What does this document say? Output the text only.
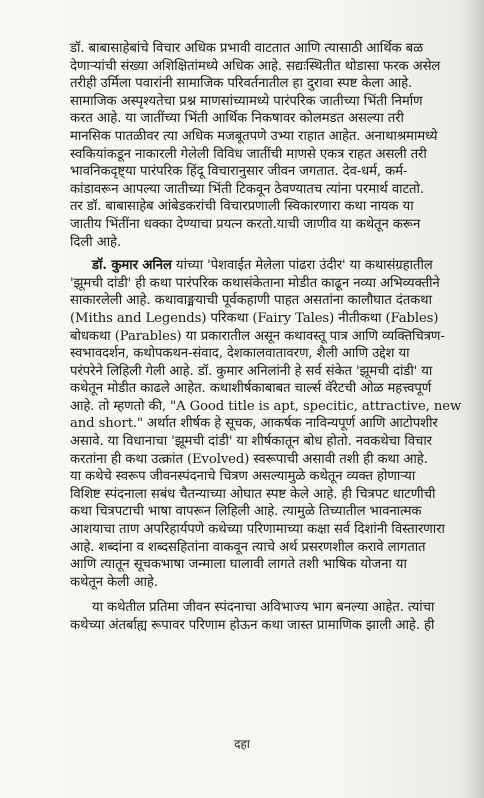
डॉ. बाबासाहेबांचे विचार अधिक प्रभावी वाटतात आणि त्यासाठी आर्थिक बळ
देणाऱ्यांची संख्या अशिक्षितांमध्ये अधिक आहे. सद्यःस्थितीत थोडासा फरक असेल
तरीही उर्मिला पवारांनी सामाजिक परिवर्तनातील हा दुरावा स्पष्ट केला आहे.
सामाजिक अस्पृश्यतेचा प्रश्न माणसांच्यामध्ये पारंपरिक जातीच्या भिंती निर्माण
करत आहे. या जातींच्या भिंती आर्थिक निकषावर कोलमडत असल्या तरी
मानसिक पातळीवर त्या अधिक मजबूतपणे उभ्या राहात आहेत. अनाथाश्रमामध्ये
स्वकियांकडून नाकारली गेलेली विविध जातींची माणसे एकत्र राहत असली तरी
भावनिकदृष्ट्या पारंपरिक हिंदू विचारानुसार जीवन जगतात. देव-धर्म, कर्म-
कांडावरून आपल्या जातीच्या भिंती टिकवून ठेवण्यातच त्यांना परमार्थ वाटतो.
तर डॉ. बाबासाहेब आंबेडकरांची विचारप्रणाली स्विकारणारा कथा नायक या
जातीय भिंतींना धक्का देण्याचा प्रयत्न करतो.याची जाणीव या कथेतून करून
दिली आहे.
डॉ. कुमार अनिल यांच्या 'पेशवाईत मेलेला पांढरा उंदीर' या कथासंग्रहातील
'झूमची दांडी' ही कथा पारंपरिक कथासंकेताना मोडीत काढून नव्या अभिव्यक्तीने
साकारलेली आहे. कथावाङ्मयाची पूर्वकहाणी पाहत असतांना कालौघात दंतकथा
(Miths and Legends) परिकथा (Fairy Tales) नीतीकथा (Fables)
बोधकथा (Parables) या प्रकारातील असून कथावस्तू पात्र आणि व्यक्तिचित्रण-
स्वभावदर्शन, कथोपकथन-संवाद, देशकालवातावरण, शैली आणि उद्देश या
परंपरेने लिहिली गेली आहे. डॉ. कुमार अनिलांनी हे सर्व संकेत 'झूमची दांडी' या
कथेतून मोडीत काढले आहेत. कथाशीर्षकाबाबत चार्ल्स वॅरेटची ओळ महत्त्वपूर्ण
आहे. तो म्हणतो की, "A Good title is apt, specitic, attractive, new
and short." अर्थात शीर्षक हे सूचक, आकर्षक नाविन्यपूर्ण आणि आटोपशीर
असावे. या विधानाचा 'झूमची दांडी' या शीर्षकातून बोध होतो. नवकथेचा विचार
करतांना ही कथा उत्क्रांत (Evolved) स्वरूपाची असावी तशी ही कथा आहे.
या कथेचे स्वरूप जीवनस्पंदनाचे चित्रण असल्यामुळे कथेतून व्यक्त होणाऱ्या
विशिष्ट स्पंदनाला सबंध चैतन्याच्या ओघात स्पष्ट केले आहे. ही चित्रपट धाटणीची
कथा चित्रपटाची भाषा वापरून लिहिली आहे. त्यामुळे तिच्यातील भावनात्मक
आशयाचा ताण अपरिहार्यपणे कथेच्या परिणामाच्या कक्षा सर्व दिशांनी विस्तारणारा
आहे. शब्दांना व शब्दसहितांना वाकवून त्याचे अर्थ प्रसरणशील करावे लागतात
आणि त्यातून सूचकभाषा जन्माला घालावी लागते तशी भाषिक योजना या
कथेतून केली आहे.
या कथेतील प्रतिमा जीवन स्पंदनाचा अविभाज्य भाग बनल्या आहेत. त्यांचा
कथेच्या अंतर्बाह्य रूपावर परिणाम होऊन कथा जास्त प्रामाणिक झाली आहे. ही
दहा
